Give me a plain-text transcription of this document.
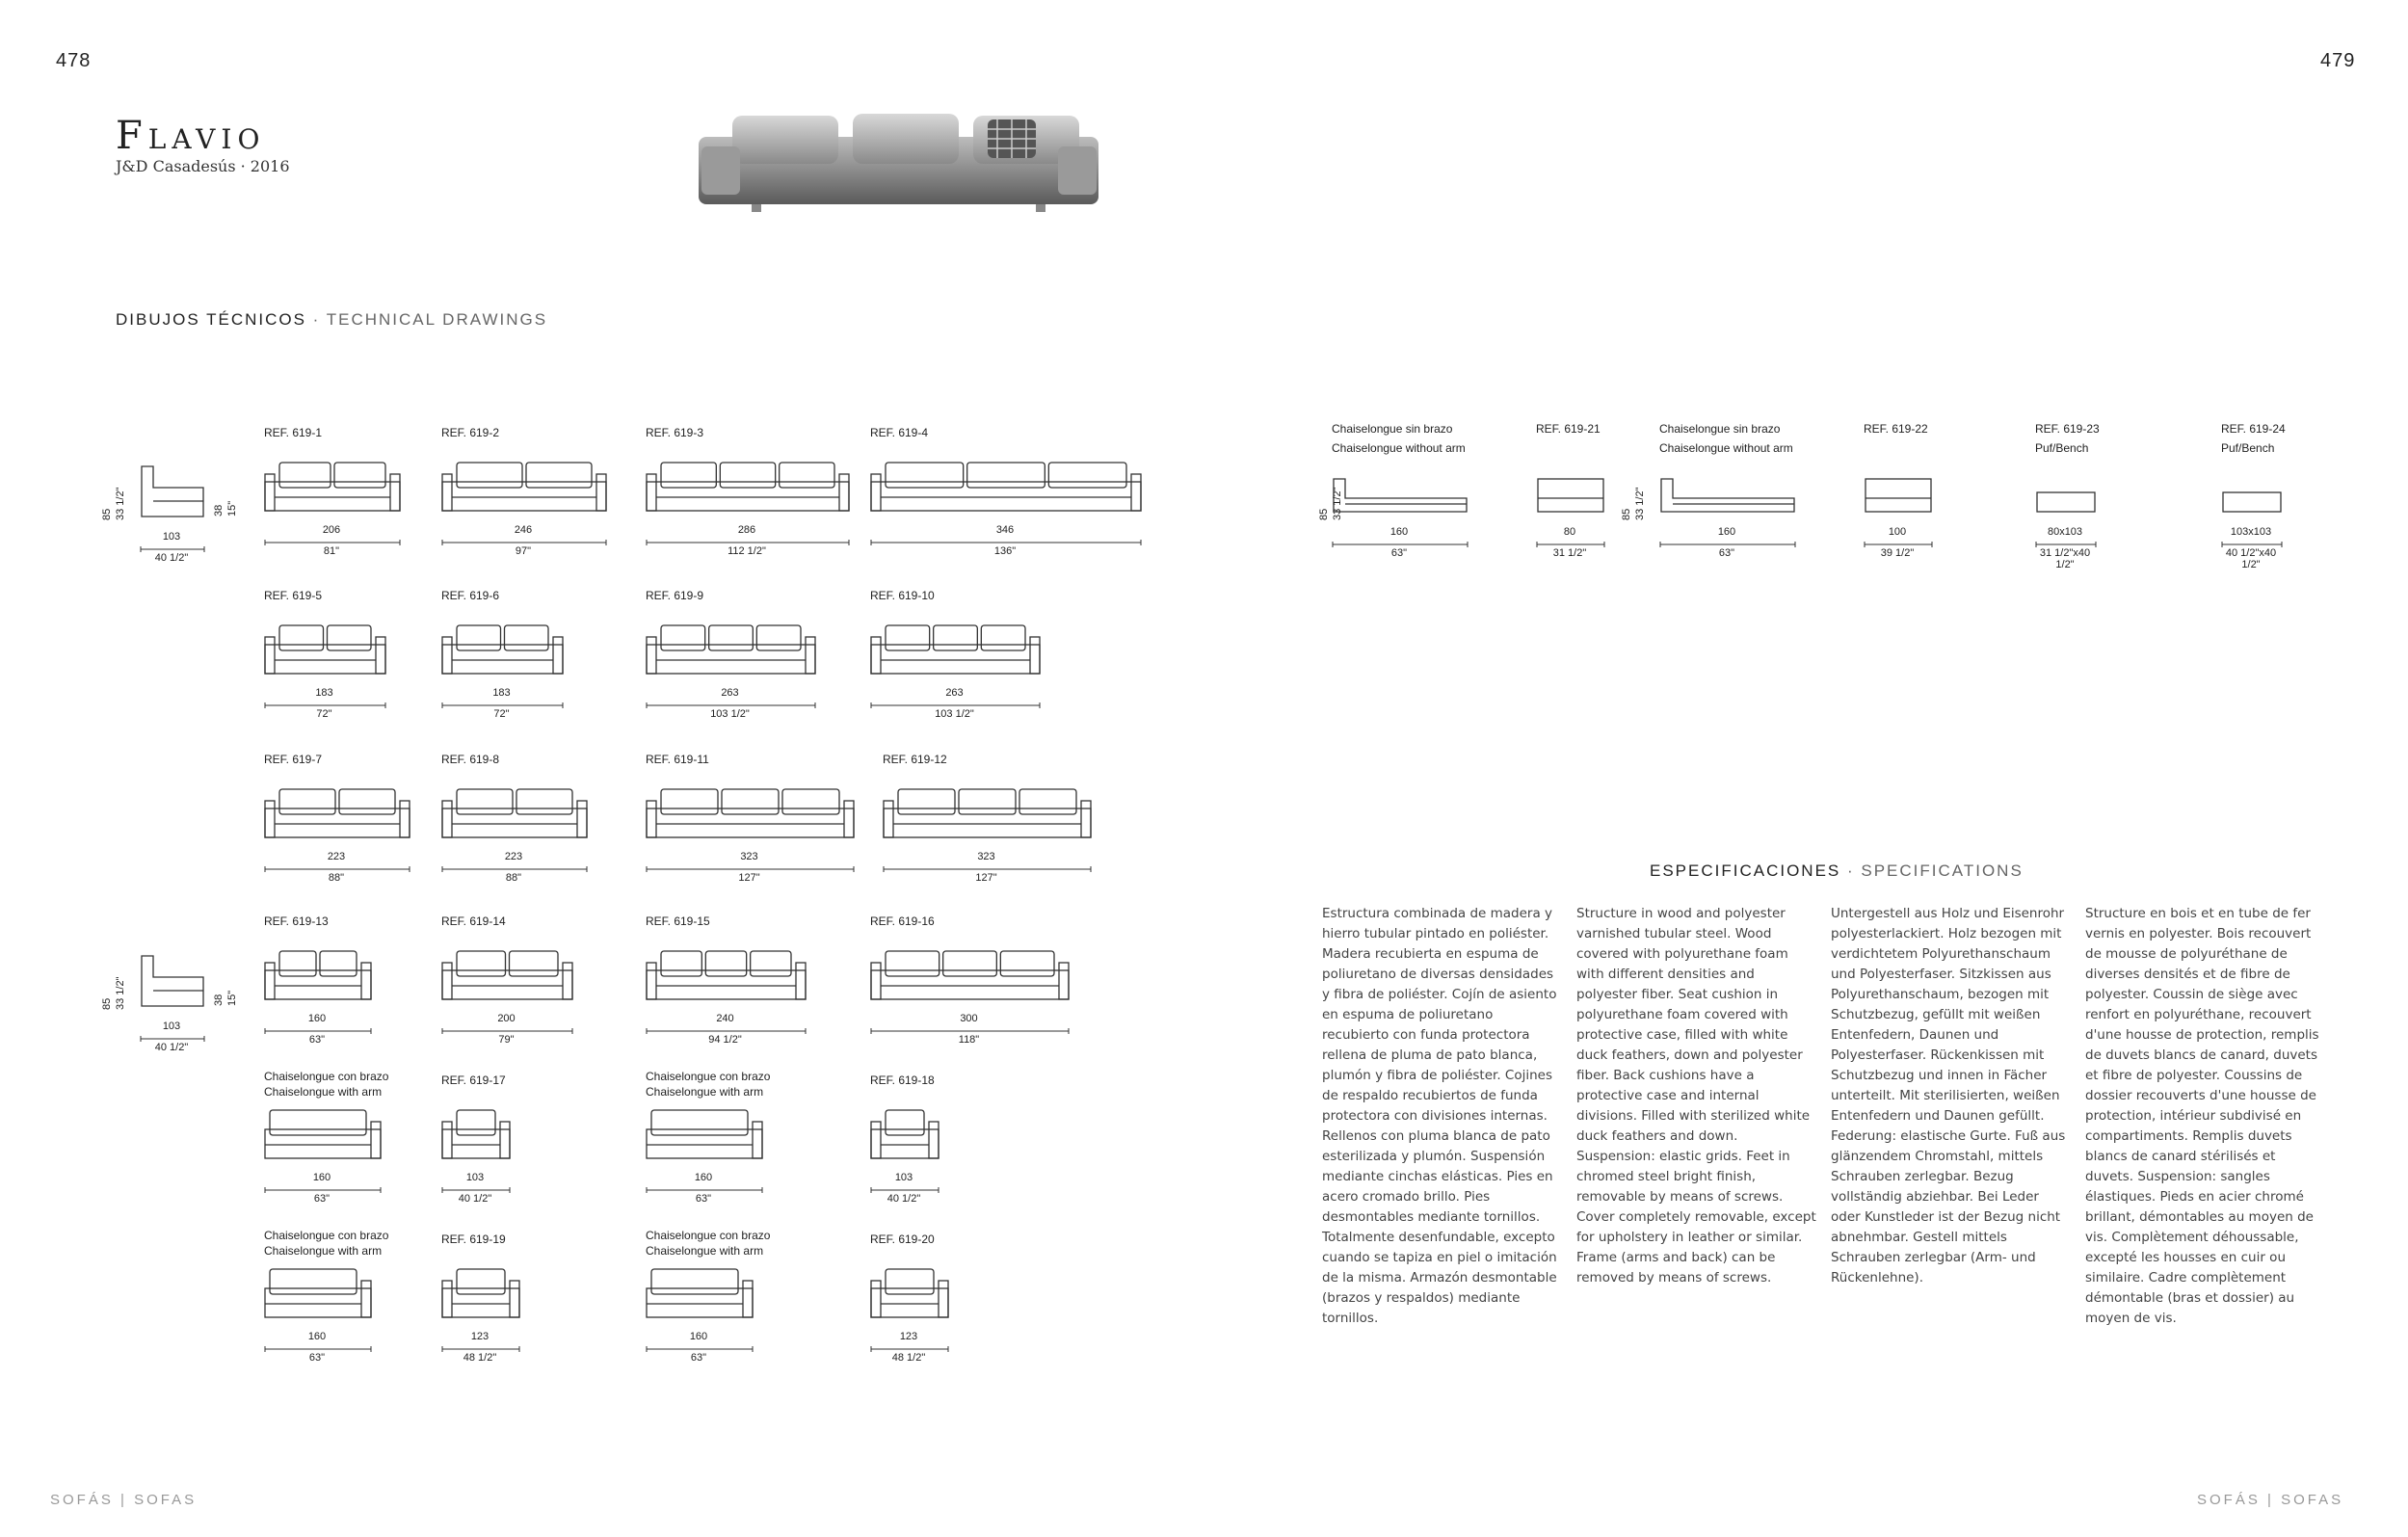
478	479
Flavio
J&D Casadesús · 2016
DIBUJOS TÉCNICOS · TECHNICAL DRAWINGS
REF. 619-1
206
81"
REF. 619-2
246
97"
REF. 619-3
286
112 1/2"
REF. 619-4
346
136"
REF. 619-5
183
72"
REF. 619-6
183
72"
REF. 619-9
263
103 1/2"
REF. 619-10
263
103 1/2"
REF. 619-7
223
88"
REF. 619-8
223
88"
REF. 619-11
323
127"
REF. 619-12
323
127"
REF. 619-13
160
63"
REF. 619-14
200
79"
REF. 619-15
240
94 1/2"
REF. 619-16
300
118"
Chaiselongue con brazo
Chaiselongue with arm
160
63"
REF. 619-17
103
40 1/2"
Chaiselongue con brazo
Chaiselongue with arm
160
63"
REF. 619-18
103
40 1/2"
Chaiselongue con brazo
Chaiselongue with arm
160
63"
REF. 619-19
123
48 1/2"
Chaiselongue con brazo
Chaiselongue with arm
160
63"
REF. 619-20
123
48 1/2"
103
40 1/2"
85 33 1/2"	38 15"
103
40 1/2"
85 33 1/2"	38 15"
Chaiselongue sin brazo
Chaiselongue without arm
160
63"
REF. 619-21
80
31 1/2"
Chaiselongue sin brazo
Chaiselongue without arm
160
63"
REF. 619-22
100
39 1/2"
REF. 619-23
Puf/Bench
80x103
31 1/2"x40 1/2"
REF. 619-24
Puf/Bench
103x103
40 1/2"x40 1/2"
85 33 1/2"	85 33 1/2"
ESPECIFICACIONES · SPECIFICATIONS
Estructura combinada de madera y hierro tubular pintado en poliéster. Madera recubierta en espuma de poliuretano de diversas densidades y fibra de poliéster. Cojín de asiento en espuma de poliuretano recubierto con funda protectora rellena de pluma de pato blanca, plumón y fibra de poliéster. Cojines de respaldo recubiertos de funda protectora con divisiones internas. Rellenos con pluma blanca de pato esterilizada y plumón. Suspensión mediante cinchas elásticas. Pies en acero cromado brillo. Pies desmontables mediante tornillos. Totalmente desenfundable, excepto cuando se tapiza en piel o imitación de la misma. Armazón desmontable (brazos y respaldos) mediante tornillos.
Structure in wood and polyester varnished tubular steel. Wood covered with polyurethane foam with different densities and polyester fiber. Seat cushion in polyurethane foam covered with protective case, filled with white duck feathers, down and polyester fiber. Back cushions have a protective case and internal divisions. Filled with sterilized white duck feathers and down. Suspension: elastic grids. Feet in chromed steel bright finish, removable by means of screws. Cover completely removable, except for upholstery in leather or similar. Frame (arms and back) can be removed by means of screws.
Untergestell aus Holz und Eisenrohr polyesterlackiert. Holz bezogen mit verdichtetem Polyurethanschaum und Polyesterfaser. Sitzkissen aus Polyurethanschaum, bezogen mit Schutzbezug, gefüllt mit weißen Entenfedern, Daunen und Polyesterfaser. Rückenkissen mit Schutzbezug und innen in Fächer unterteilt. Mit sterilisierten, weißen Entenfedern und Daunen gefüllt. Federung: elastische Gurte. Fuß aus glänzendem Chromstahl, mittels Schrauben zerlegbar. Bezug vollständig abziehbar. Bei Leder oder Kunstleder ist der Bezug nicht abnehmbar. Gestell mittels Schrauben zerlegbar (Arm- und Rückenlehne).
Structure en bois et en tube de fer vernis en polyester. Bois recouvert de mousse de polyuréthane de diverses densités et de fibre de polyester. Coussin de siège avec renfort en polyuréthane, recouvert d'une housse de protection, remplis de duvets blancs de canard, duvets et fibre de polyester. Coussins de dossier recouverts d'une housse de protection, intérieur subdivisé en compartiments. Remplis duvets blancs de canard stérilisés et duvets. Suspension: sangles élastiques. Pieds en acier chromé brillant, démontables au moyen de vis. Complètement déhoussable, excepté les housses en cuir ou similaire. Cadre complètement démontable (bras et dossier) au moyen de vis.
SOFÁS | SOFAS	SOFÁS | SOFAS
